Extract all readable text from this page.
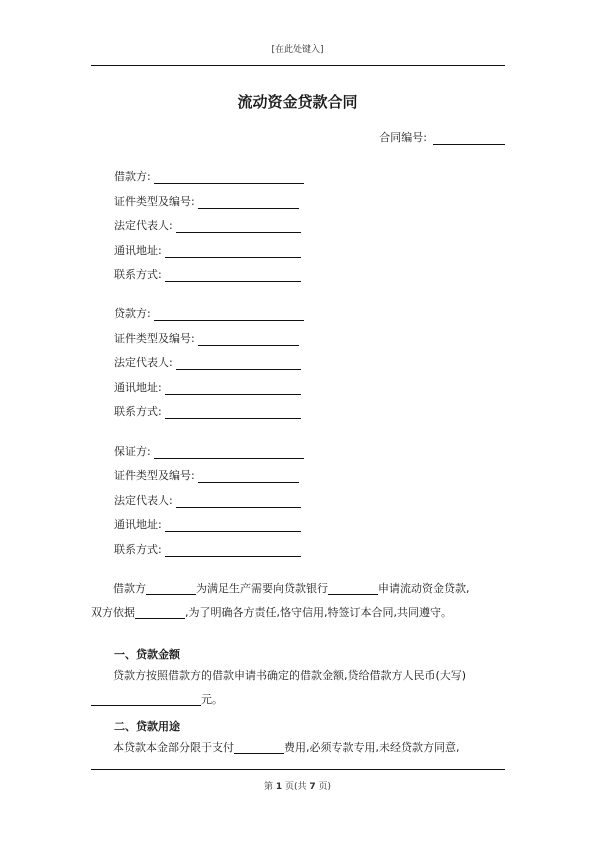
[在此处键入]
流动资金贷款合同
合同编号:
借款方:
证件类型及编号:
法定代表人:
通讯地址:
联系方式:
贷款方:
证件类型及编号:
法定代表人:
通讯地址:
联系方式:
保证方:
证件类型及编号:
法定代表人:
通讯地址:
联系方式:
借款方	为满足生产需要向贷款银行	申请流动资金贷款,
双方依据	,为了明确各方责任,恪守信用,特签订本合同,共同遵守。
一、贷款金额
贷款方按照借款方的借款申请书确定的借款金额,贷给借款方人民币(大写)
元。
二、贷款用途
本贷款本金部分限于支付	费用,必须专款专用,未经贷款方同意,
第 1 页(共 7 页)
